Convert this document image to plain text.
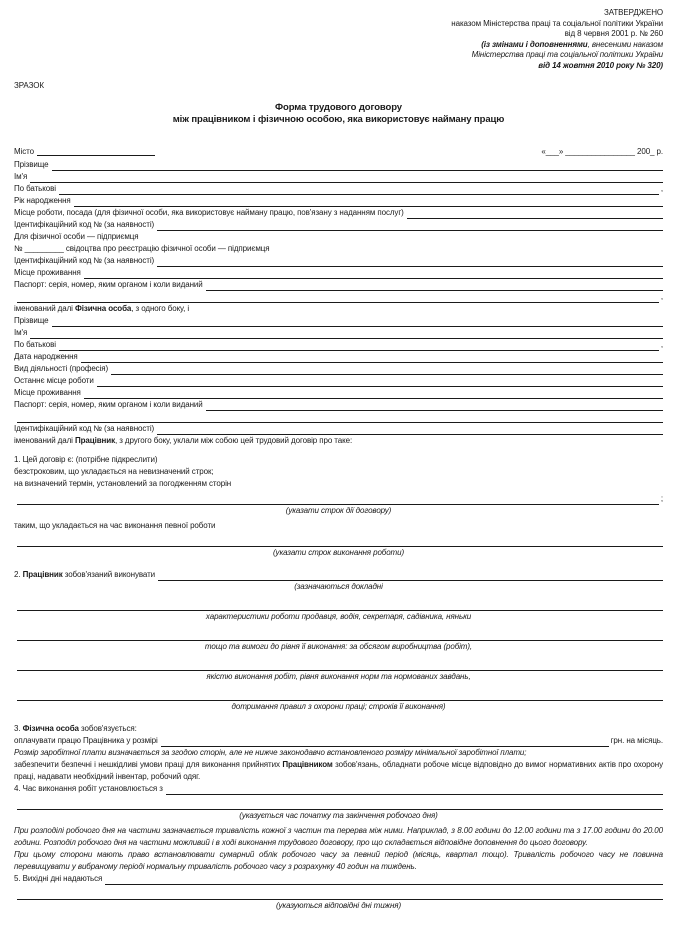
ЗАТВЕРДЖЕНО
наказом Міністерства праці та соціальної політики України
від 8 червня 2001 р. № 260
(із змінами і доповненнями, внесеними наказом
Міністерства праці та соціальної політики України
від 14 жовтня 2010 року № 320)
ЗРАЗОК
Форма трудового договору
між працівником і фізичною особою, яка використовує найману працю
Місто	«___» ________________ 200_ р.
Прізвище
Ім'я
По батькові	,
Рік народження
Місце роботи, посада (для фізичної особи, яка використовує найману працю, пов'язану з наданням послуг)
Ідентифікаційний код № (за наявності)
Для фізичної особи — підприємця
№ _________ свідоцтва про реєстрацію фізичної особи — підприємця
Ідентифікаційний код № (за наявності)
Місце проживання
Паспорт: серія, номер, яким органом і коли виданий
,
іменований далі Фізична особа, з одного боку, і
Прізвище
Ім'я
По батькові	,
Дата народження
Вид діяльності (професія)
Останнє місце роботи
Місце проживання
Паспорт: серія, номер, яким органом і коли виданий
Ідентифікаційний код № (за наявності)
іменований далі Працівник, з другого боку, уклали між собою цей трудовий договір про таке:
1. Цей договір є: (потрібне підкреслити)
безстроковим, що укладається на невизначений строк;
на визначений термін, установлений за погодженням сторін
;
(указати строк дії договору)
таким, що укладається на час виконання певної роботи
(указати строк виконання роботи)
2. Працівник зобов'язаний виконувати
(зазначаються докладні
характеристики роботи продавця, водія, секретаря, садівника, няньки
тощо та вимоги до рівня її виконання: за обсягом виробництва (робіт),
якістю виконання робіт, рівня виконання норм та нормованих завдань,
дотримання правил з охорони праці; строків її виконання)
3. Фізична особа зобов'язується:
оплачувати працю Працівника у розмірі	грн. на місяць.
Розмір заробітної плати визначається за згодою сторін, але не нижче законодавчо встановленого розміру мінімальної заробітної плати;
забезпечити безпечні і нешкідливі умови праці для виконання прийнятих Працівником зобов'язань, обладнати робоче місце відповідно до вимог нормативних актів про охорону праці, надавати необхідний інвентар, робочий одяг.
4. Час виконання робіт установлюється з
(указується час початку та закінчення робочого дня)
При розподілі робочого дня на частини зазначається тривалість кожної з частин та перерва між ними. Наприклад, з 8.00 години до 12.00 години та з 17.00 години до 20.00 години. Розподіл робочого дня на частини можливий і в ході виконання трудового договору, про що складається відповідне доповнення до цього договору.
При цьому сторони мають право встановлювати сумарний облік робочого часу за певний період (місяць, квартал тощо). Тривалість робочого часу не повинна перевищувати у вибраному періоді нормальну тривалість робочого часу з розрахунку 40 годин на тиждень.
5. Вихідні дні надаються
(указуються відповідні дні тижня)
